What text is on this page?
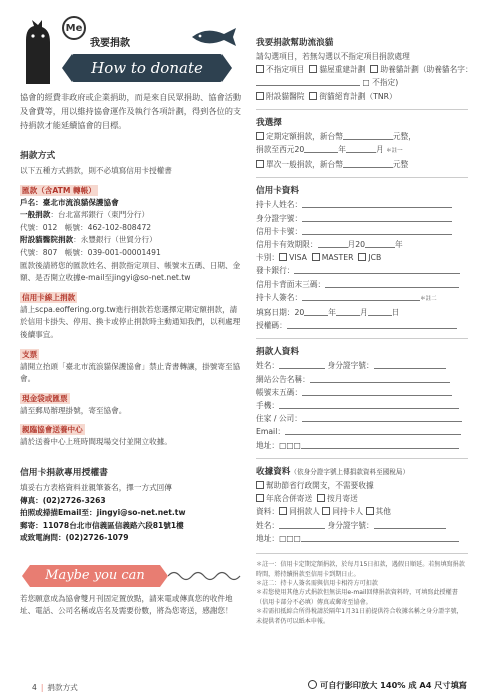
Me
我要捐款
How to donate
協會的經費非政府或企業捐助，而是來自民眾捐助、協會活動及會費等，用以維持協會運作及執行各項計劃，得到各位的支持捐款才能延續協會的目標。
捐款方式
以下五種方式捐款，則不必填寫信用卡授權書
匯款（含ATM 轉帳）
戶名：臺北市流浪貓保護協會
一般捐款：台北富邦銀行（東門分行）
代號：012　帳號：462-102-808472
附設貓醫院捐款：永豐銀行（世貿分行）
代號：807　帳號：039-001-00001491
匯款後請將您的匯款姓名、捐款指定項目、帳號末五碼、日期、金額、是否開立收據e-mail至jingyi@so-net.net.tw
信用卡線上捐款
請上scpa.eoffering.org.tw進行捐款若您選擇定期定額捐款，請於信用卡掛失、停用、換卡或停止捐款時主動通知我們，以利處理後續事宜。
支票
請開立抬頭「臺北市流浪貓保護協會」禁止背書轉讓，掛號寄至協會。
現金袋或匯票
請至郵局辦理掛號，寄至協會。
親臨協會送養中心
請於送養中心上班時間現場交付並開立收據。
信用卡捐款專用授權書
填妥右方表格資料並親筆簽名，擇一方式回傳
傳真：(02)2726-3263
拍照或掃描Email至：jingyi@so-net.net.tw
郵寄：11078台北市信義區信義路六段81號1樓
或致電詢問：(02)2726-1079
Maybe you can
若您願意成為協會雙月刊固定置放點，請來電或傳真您的收件地址、電話、公司名稱或店名及需要份數，將為您寄送，感謝您！
我要捐款幫助流浪貓
請勾選項目，若無勾選以不指定項目捐款處理
不指定項目 貓屋重建計劃 助養貓計劃（助養貓名字：
□ 不指定)
附設貓醫院 街貓絕育計劃（TNR）
我選擇
定期定額捐款，新台幣	元整，
捐款至西元20	年	月 ＊註一
單次一般捐款，新台幣	元整
信用卡資料
持卡人姓名：
身分證字號：
信用卡卡號：
信用卡有效期限：	月20	年
卡別： VISA MASTER JCB
發卡銀行：
信用卡背面末三碼：
持卡人簽名：	＊註二
填寫日期：20	年	月	日
授權碼：
捐款人資料
姓名：	身分證字號：
網站公告名稱：
帳號末五碼：
手機：
住家 / 公司：
Email：
地址：□□□
收據資料（依身分證字號上傳捐款資料至國稅局）
幫助節省行政開支，不需要收據
年底合併寄送 按月寄送
資料： 同捐款人 同持卡人 其他
姓名：	身分證字號：
地址：□□□
＊註一：信用卡定期定額捐款，於每月15日扣款，遇假日順延。若無填寫捐款時間，將持續捐款至信用卡到期日止。
＊註二：持卡人簽名需與信用卡相符方可扣款
＊若您使用其他方式捐款但無法用e-mail回傳捐款資料時，可填寫此授權書（信用卡部分不必填）傳真或郵寄至協會。
＊若需扣抵綜合所得稅請於隔年1月31日前提供符合收據名稱之身分證字號，未提供者仍可以紙本申報。
4 | 捐款方式	可自行影印放大 140% 成 A4 尺寸填寫
